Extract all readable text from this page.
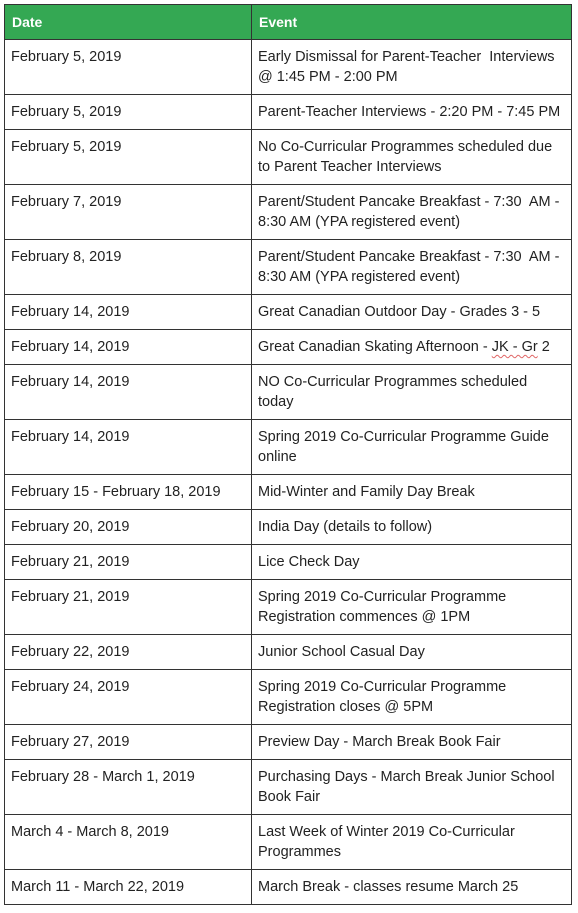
Date	Event
February 5, 2019	Early Dismissal for Parent-Teacher  Interviews @ 1:45 PM - 2:00 PM
February 5, 2019	Parent-Teacher Interviews - 2:20 PM - 7:45 PM
February 5, 2019	No Co-Curricular Programmes scheduled due to Parent Teacher Interviews
February 7, 2019	Parent/Student Pancake Breakfast - 7:30  AM - 8:30 AM (YPA registered event)
February 8, 2019	Parent/Student Pancake Breakfast - 7:30  AM - 8:30 AM (YPA registered event)
February 14, 2019	Great Canadian Outdoor Day - Grades 3 - 5
February 14, 2019	Great Canadian Skating Afternoon - JK - Gr 2
February 14, 2019	NO Co-Curricular Programmes scheduled today
February 14, 2019	Spring 2019 Co-Curricular Programme Guide online
February 15 - February 18, 2019	Mid-Winter and Family Day Break
February 20, 2019	India Day (details to follow)
February 21, 2019	Lice Check Day
February 21, 2019	Spring 2019 Co-Curricular Programme Registration commences @ 1PM
February 22, 2019	Junior School Casual Day
February 24, 2019	Spring 2019 Co-Curricular Programme Registration closes @ 5PM
February 27, 2019	Preview Day - March Break Book Fair
February 28 - March 1, 2019	Purchasing Days - March Break Junior School Book Fair
March 4 - March 8, 2019	Last Week of Winter 2019 Co-Curricular Programmes
March 11 - March 22, 2019	March Break - classes resume March 25
